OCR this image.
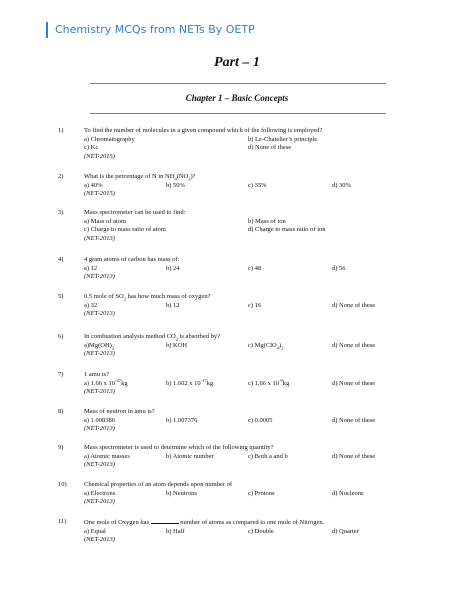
Chemistry MCQs from NETs By OETP
Part – 1
Chapter 1 – Basic Concepts
1)	To find the number of molecules in a given compound which of the following is employed?
a) Chromatography	b) Le-Chatelier’s principle
c) Kc	d) None of these
(NET-2015)
2)	What is the percentage of N in $NH_4(NO_3)$?
a) 40%	b) 50%	c) 35%	d) 30%
(NET-2015)
3)	Mass spectrometer can be used to find:
a) Mass of atom	b) Mass of ion
c) Charge to mass ratio of atom	d) Charge to mass ratio of ion
(NET-2013)
4)	4 gram atoms of carbon has mass of:
a) 12	b) 24	c) 48	d) 56
(NET-2013)
5)	0.5 mole of $SO_2$ has how much mass of oxygen?
a) 32	b) 12	c) 16	d) None of these
(NET-2013)
6)	In combustion analysis method $CO_2$ is absorbed by?
$a)Mg(OH)_2$	b) KOH	c) $Mg(ClO_4)_2$	d) None of these
(NET-2013)
7)	1 amu is?
a) 1.66 x $10^{-27}kg$	b) 1.602 x $10^{-17}kg$	c) 1.66 x $10^{-9}kg$	d) None of these
(NET-2013)
8)	Mass of neutron in amu is?
a) 1.008386	b) 1.007376	c) 0.0005	d) None of these
(NET-2013)
9)	Mass spectrometer is used to determine which of the following quantity?
a) Atomic masses	b) Atomic number	c) Both a and b	d) None of these
(NET-2013)
10)	Chemical properties of an atom depends upon number of
a) Electrons	b) Neutrons	c) Protons	d) Nucleons
(NET-2013)
11)	One mole of Oxygen has	number of atoms as compared to one mole of Nitrogen.
a) Equal	b) Half	c) Double	d) Quarter
(NET-2013)
